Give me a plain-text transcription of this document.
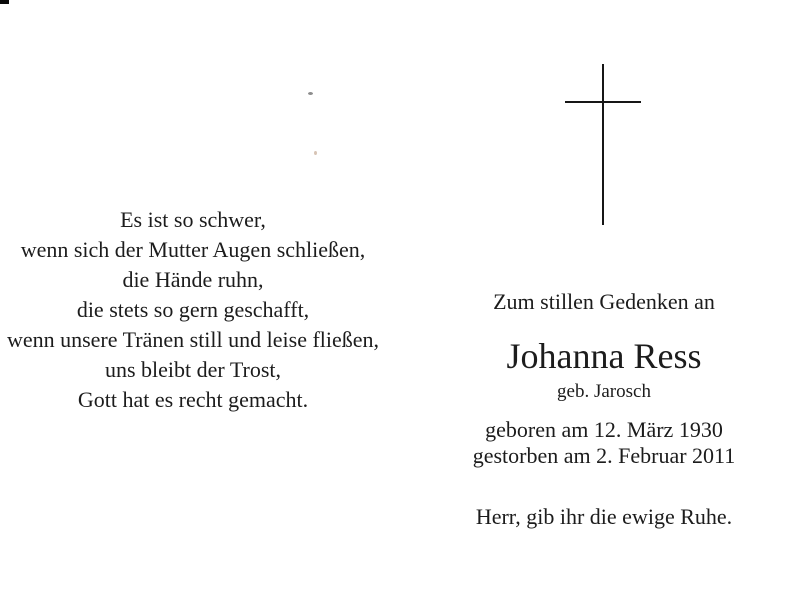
Es ist so schwer,
wenn sich der Mutter Augen schließen,
die Hände ruhn,
die stets so gern geschafft,
wenn unsere Tränen still und leise fließen,
uns bleibt der Trost,
Gott hat es recht gemacht.
Zum stillen Gedenken an
Johanna Ress
geb. Jarosch
geboren am 12. März 1930
gestorben am 2. Februar 2011
Herr, gib ihr die ewige Ruhe.
